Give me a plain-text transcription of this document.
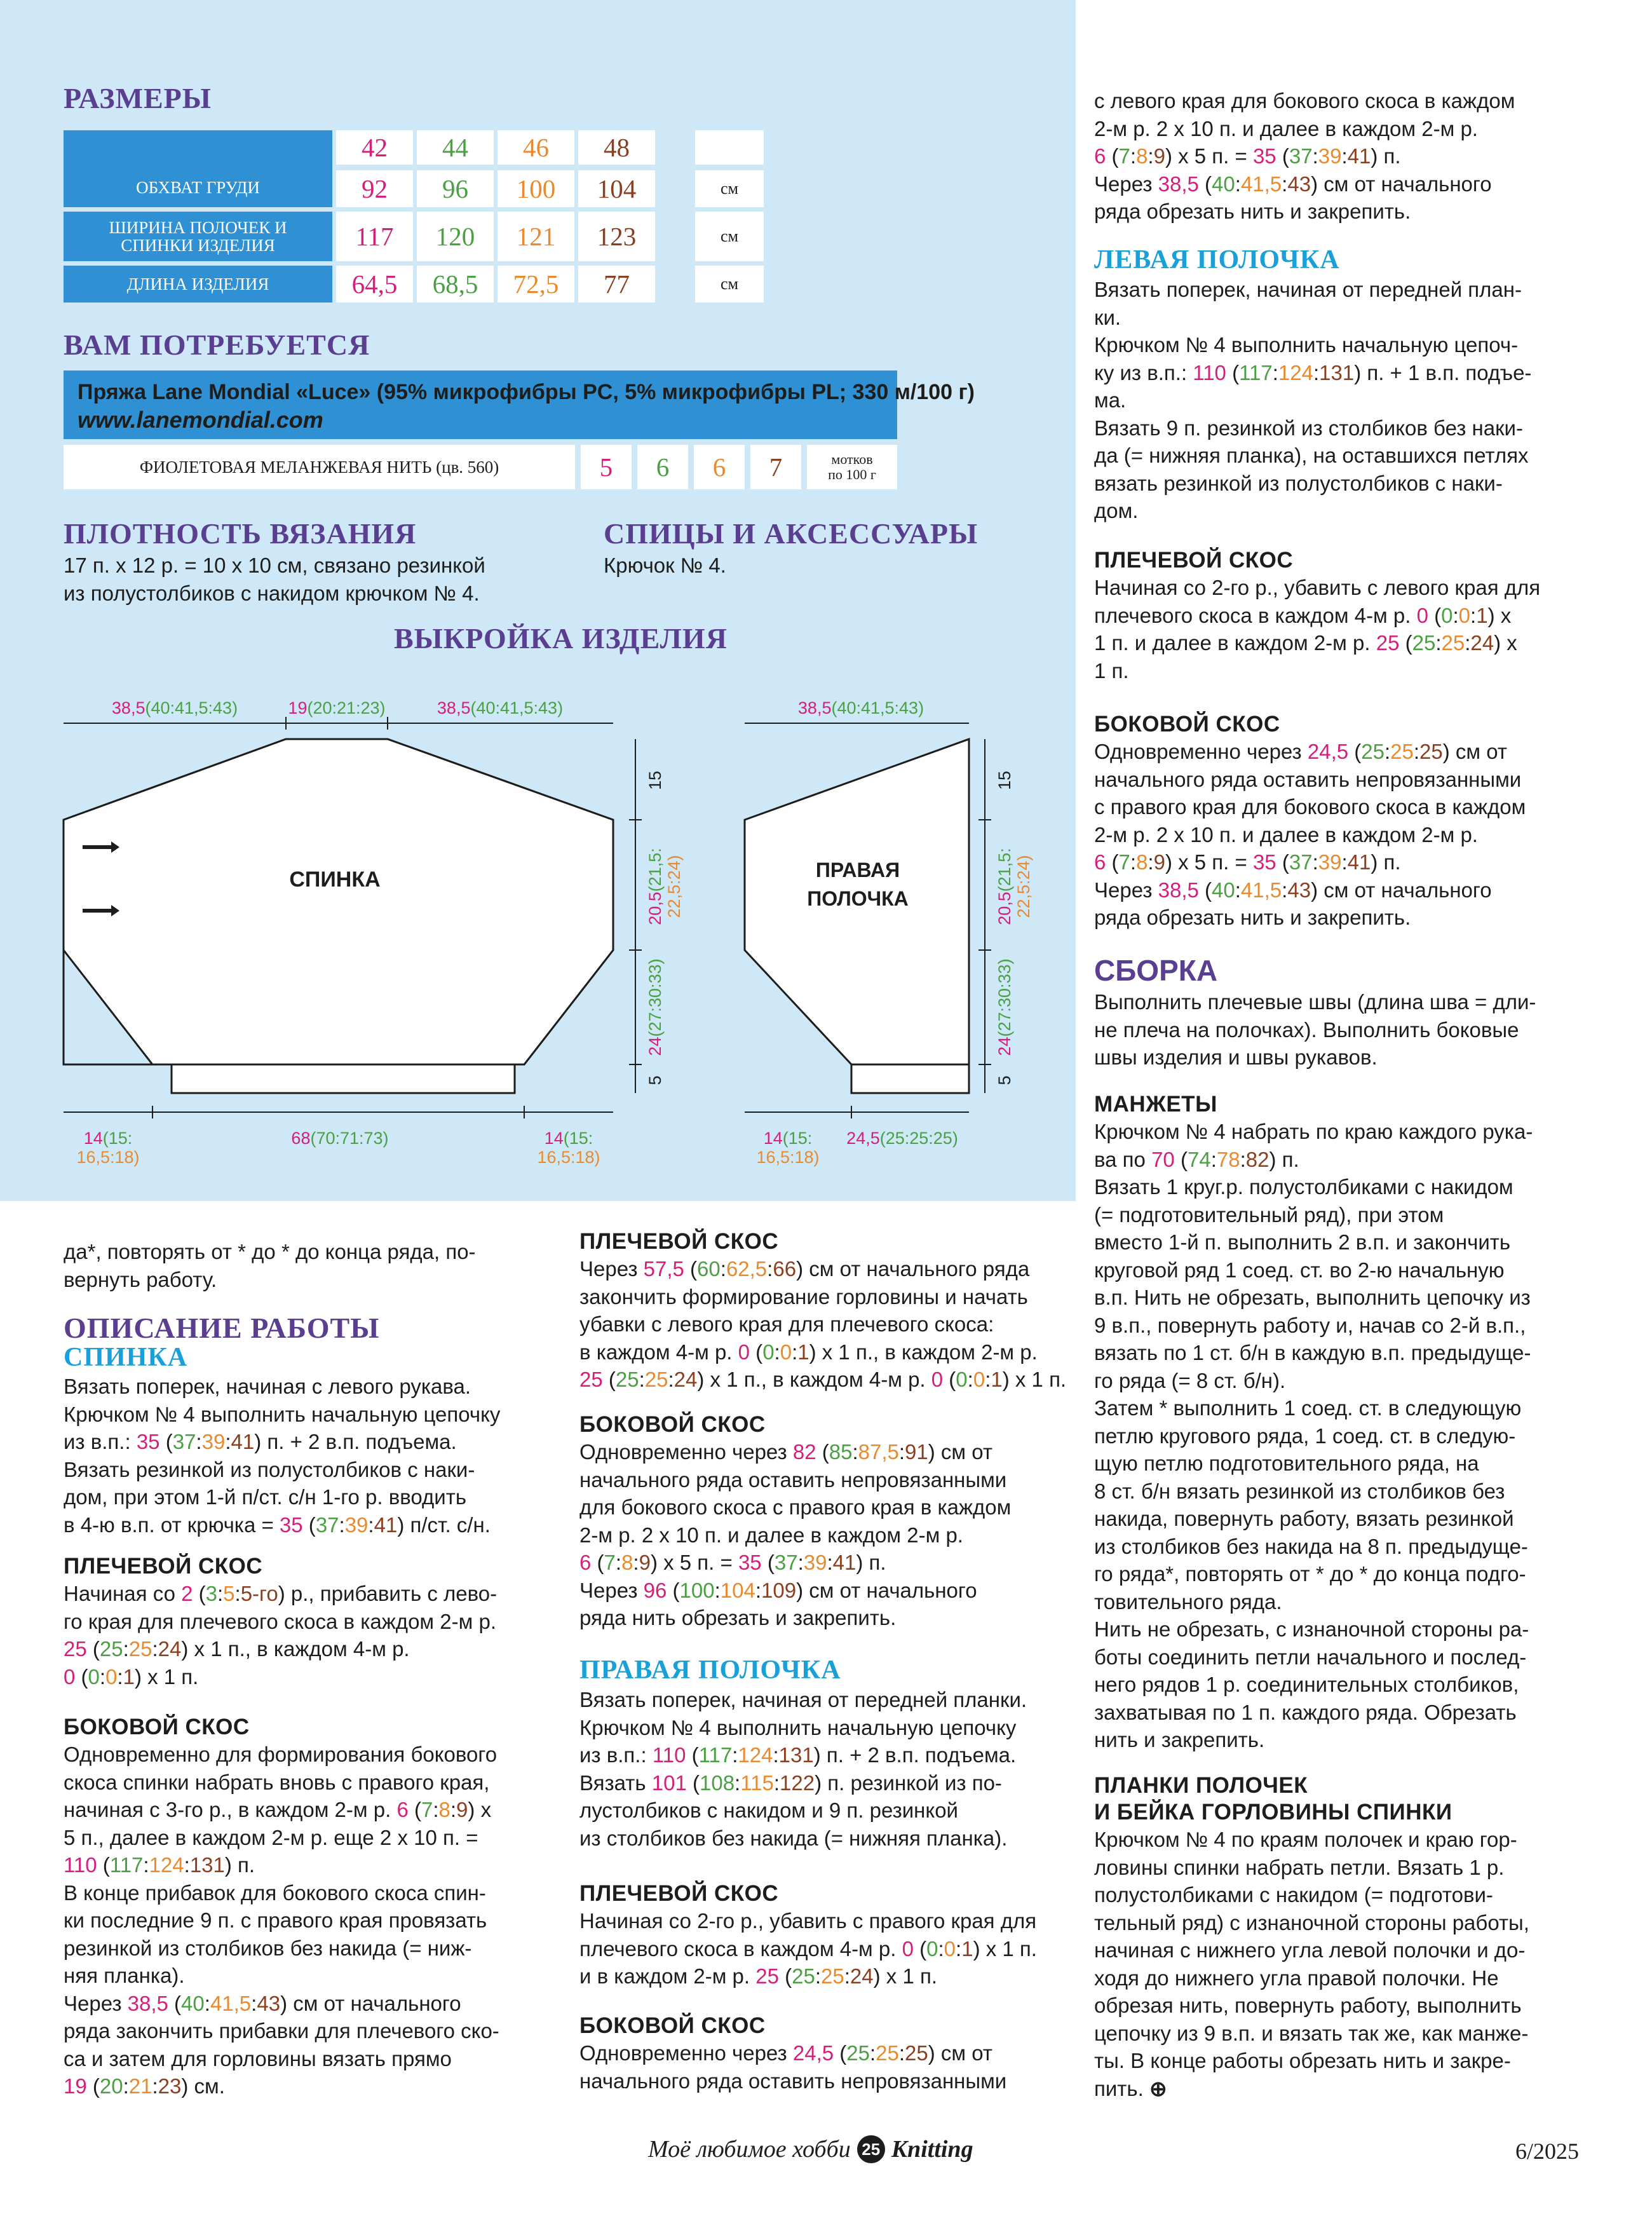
РАЗМЕРЫ
42	44	46	48
ОБХВАТ ГРУДИ	92	96	100	104	см
ШИРИНА ПОЛОЧЕК И СПИНКИ ИЗДЕЛИЯ	117	120	121	123	см
ДЛИНА ИЗДЕЛИЯ	64,5	68,5	72,5	77	см
ВАМ ПОТРЕБУЕТСЯ
Пряжа Lane Mondial «Luce» (95% микрофибры PC, 5% микрофибры PL; 330 м/100 г)
www.lanemondial.com
ФИОЛЕТОВАЯ МЕЛАНЖЕВАЯ НИТЬ (цв. 560)	5	6	6	7	мотков
по 100 г
ПЛОТНОСТЬ ВЯЗАНИЯ
17 п. х 12 р. = 10 х 10 см, связано резинкой
из полустолбиков с накидом крючком № 4.
СПИЦЫ И АКСЕССУАРЫ
Крючок № 4.
ВЫКРОЙКА ИЗДЕЛИЯ
СПИНКА	ПРАВАЯ
ПОЛОЧКА
38,5(40:41,5:43)	19(20:21:23)	38,5(40:41,5:43)	38,5(40:41,5:43)
15
20,5(21,5: 22,5:24)
24(27:30:33)
5
15
20,5(21,5: 22,5:24)
24(27:30:33)
5
14(15:
16,5:18)
68(70:71:73)	14(15:
16,5:18)
14(15:
16,5:18)
24,5(25:25:25)
да*, повторять от * до * до конца ряда, по-
вернуть работу.
ОПИСАНИЕ РАБОТЫ
СПИНКА
Вязать поперек, начиная с левого рукава.
Крючком № 4 выполнить начальную цепочку
из в.п.: 35 (37:39:41) п. + 2 в.п. подъема.
Вязать резинкой из полустолбиков с наки-
дом, при этом 1-й п/ст. с/н 1-го р. вводить
в 4-ю в.п. от крючка = 35 (37:39:41) п/ст. с/н.
ПЛЕЧЕВОЙ СКОС
Начиная со 2 (3:5:5-го) р., прибавить с лево-
го края для плечевого скоса в каждом 2-м р.
25 (25:25:24) х 1 п., в каждом 4-м р.
0 (0:0:1) х 1 п.
БОКОВОЙ СКОС
Одновременно для формирования бокового
скоса спинки набрать вновь с правого края,
начиная с 3-го р., в каждом 2-м р. 6 (7:8:9) х
5 п., далее в каждом 2-м р. еще 2 х 10 п. =
110 (117:124:131) п.
В конце прибавок для бокового скоса спин-
ки последние 9 п. с правого края провязать
резинкой из столбиков без накида (= ниж-
няя планка).
Через 38,5 (40:41,5:43) см от начального
ряда закончить прибавки для плечевого ско-
са и затем для горловины вязать прямо
19 (20:21:23) см.
ПЛЕЧЕВОЙ СКОС
Через 57,5 (60:62,5:66) см от начального ряда
закончить формирование горловины и начать
убавки с левого края для плечевого скоса:
в каждом 4-м р. 0 (0:0:1) х 1 п., в каждом 2-м р.
25 (25:25:24) х 1 п., в каждом 4-м р. 0 (0:0:1) х 1 п.
БОКОВОЙ СКОС
Одновременно через 82 (85:87,5:91) см от
начального ряда оставить непровязанными
для бокового скоса с правого края в каждом
2-м р. 2 х 10 п. и далее в каждом 2-м р.
6 (7:8:9) х 5 п. = 35 (37:39:41) п.
Через 96 (100:104:109) см от начального
ряда нить обрезать и закрепить.
ПРАВАЯ ПОЛОЧКА
Вязать поперек, начиная от передней планки.
Крючком № 4 выполнить начальную цепочку
из в.п.: 110 (117:124:131) п. + 2 в.п. подъема.
Вязать 101 (108:115:122) п. резинкой из по-
лустолбиков с накидом и 9 п. резинкой
из столбиков без накида (= нижняя планка).
ПЛЕЧЕВОЙ СКОС
Начиная со 2-го р., убавить с правого края для
плечевого скоса в каждом 4-м р. 0 (0:0:1) х 1 п.
и в каждом 2-м р. 25 (25:25:24) х 1 п.
БОКОВОЙ СКОС
Одновременно через 24,5 (25:25:25) см от
начального ряда оставить непровязанными
с левого края для бокового скоса в каждом
2-м р. 2 х 10 п. и далее в каждом 2-м р.
6 (7:8:9) х 5 п. = 35 (37:39:41) п.
Через 38,5 (40:41,5:43) см от начального
ряда обрезать нить и закрепить.
ЛЕВАЯ ПОЛОЧКА
Вязать поперек, начиная от передней план-
ки.
Крючком № 4 выполнить начальную цепоч-
ку из в.п.: 110 (117:124:131) п. + 1 в.п. подъе-
ма.
Вязать 9 п. резинкой из столбиков без наки-
да (= нижняя планка), на оставшихся петлях
вязать резинкой из полустолбиков с наки-
дом.
ПЛЕЧЕВОЙ СКОС
Начиная со 2-го р., убавить с левого края для
плечевого скоса в каждом 4-м р. 0 (0:0:1) х
1 п. и далее в каждом 2-м р. 25 (25:25:24) х
1 п.
БОКОВОЙ СКОС
Одновременно через 24,5 (25:25:25) см от
начального ряда оставить непровязанными
с правого края для бокового скоса в каждом
2-м р. 2 х 10 п. и далее в каждом 2-м р.
6 (7:8:9) х 5 п. = 35 (37:39:41) п.
Через 38,5 (40:41,5:43) см от начального
ряда обрезать нить и закрепить.
СБОРКА
Выполнить плечевые швы (длина шва = дли-
не плеча на полочках). Выполнить боковые
швы изделия и швы рукавов.
МАНЖЕТЫ
Крючком № 4 набрать по краю каждого рука-
ва по 70 (74:78:82) п.
Вязать 1 круг.р. полустолбиками с накидом
(= подготовительный ряд), при этом
вместо 1-й п. выполнить 2 в.п. и закончить
круговой ряд 1 соед. ст. во 2-ю начальную
в.п. Нить не обрезать, выполнить цепочку из
9 в.п., повернуть работу и, начав со 2-й в.п.,
вязать по 1 ст. б/н в каждую в.п. предыдуще-
го ряда (= 8 ст. б/н).
Затем * выполнить 1 соед. ст. в следующую
петлю кругового ряда, 1 соед. ст. в следую-
щую петлю подготовительного ряда, на
8 ст. б/н вязать резинкой из столбиков без
накида, повернуть работу, вязать резинкой
из столбиков без накида на 8 п. предыдуще-
го ряда*, повторять от * до * до конца подго-
товительного ряда.
Нить не обрезать, с изнаночной стороны ра-
боты соединить петли начального и послед-
него рядов 1 р. соединительных столбиков,
захватывая по 1 п. каждого ряда. Обрезать
нить и закрепить.
ПЛАНКИ ПОЛОЧЕК
И БЕЙКА ГОРЛОВИНЫ СПИНКИ
Крючком № 4 по краям полочек и краю гор-
ловины спинки набрать петли. Вязать 1 р.
полустолбиками с накидом (= подготови-
тельный ряд) с изнаночной стороны работы,
начиная с нижнего угла левой полочки и до-
ходя до нижнего угла правой полочки. Не
обрезая нить, повернуть работу, выполнить
цепочку из 9 в.п. и вязать так же, как манже-
ты. В конце работы обрезать нить и закре-
пить. ⊕
Моё любимое хобби 25 Knitting	6/2025
